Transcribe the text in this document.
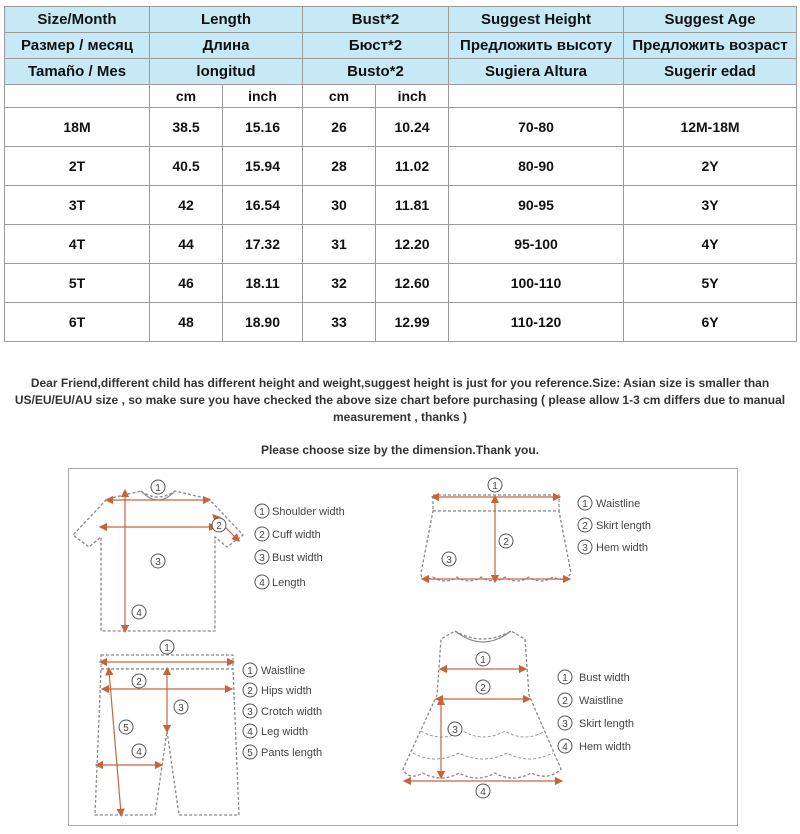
Size/Month	Length		Bust*2		Suggest Height	Suggest Age
Размер / месяц	Длина		Бюст*2		Предложить высоту	Предложить возраст
Tamaño / Mes	longitud		Busto*2		Sugiera Altura	Sugerir edad
	cm	inch	cm	inch		
18M	38.5	15.16	26	10.24	70-80	12M-18M
2T	40.5	15.94	28	11.02	80-90	2Y
3T	42	16.54	30	11.81	90-95	3Y
4T	44	17.32	31	12.20	95-100	4Y
5T	46	18.11	32	12.60	100-110	5Y
6T	48	18.90	33	12.99	110-120	6Y
Dear Friend,different child has different height and weight,suggest height is just for you reference.Size: Asian size is smaller than
US/EU/EU/AU size , so make sure you have checked the above size chart before purchasing ( please allow 1-3 cm differs due to manual
measurement , thanks )
Please choose size by the dimension.Thank you.
1
2
3
4
1 Shoulder width
2 Cuff width
3 Bust width
4 Length
1
2
3
1 Waistline
2 Skirt length
3 Hem width
1
2
3
4
5
1 Waistline
2 Hips width
3 Crotch width
4 Leg width
5 Pants length
1
2
3
4
1 Bust width
2 Waistline
3 Skirt length
4 Hem width
